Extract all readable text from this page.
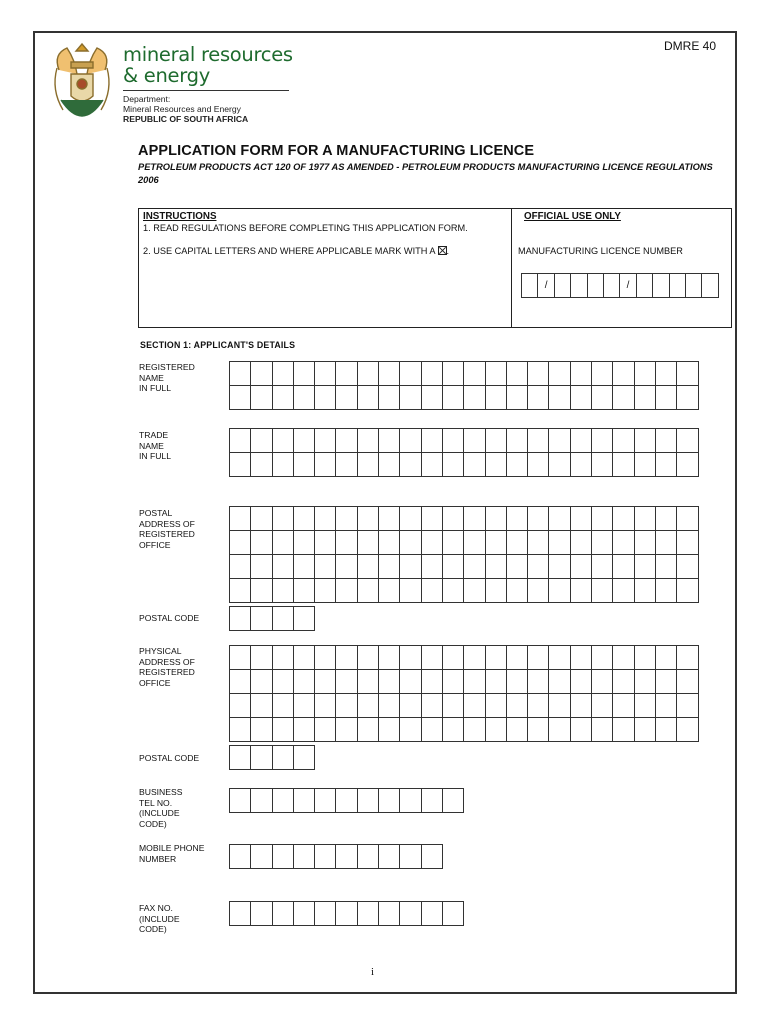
mineral resources
& energy
Department:
Mineral Resources and Energy
REPUBLIC OF SOUTH AFRICA
DMRE 40
APPLICATION FORM FOR A MANUFACTURING LICENCE
PETROLEUM PRODUCTS ACT 120 OF 1977 AS AMENDED - PETROLEUM PRODUCTS MANUFACTURING LICENCE REGULATIONS 2006
INSTRUCTIONS
1. READ REGULATIONS BEFORE COMPLETING THIS APPLICATION FORM.
2. USE CAPITAL LETTERS AND WHERE APPLICABLE MARK WITH A .
OFFICIAL USE ONLY
MANUFACTURING LICENCE NUMBER
/	/
SECTION 1: APPLICANT'S DETAILS
REGISTERED
NAME
IN FULL
TRADE
NAME
IN FULL
POSTAL
ADDRESS OF
REGISTERED
OFFICE
POSTAL CODE
PHYSICAL
ADDRESS OF
REGISTERED
OFFICE
POSTAL CODE
BUSINESS
TEL NO.
(INCLUDE
CODE)
MOBILE PHONE
NUMBER
FAX NO.
(INCLUDE
CODE)
i
